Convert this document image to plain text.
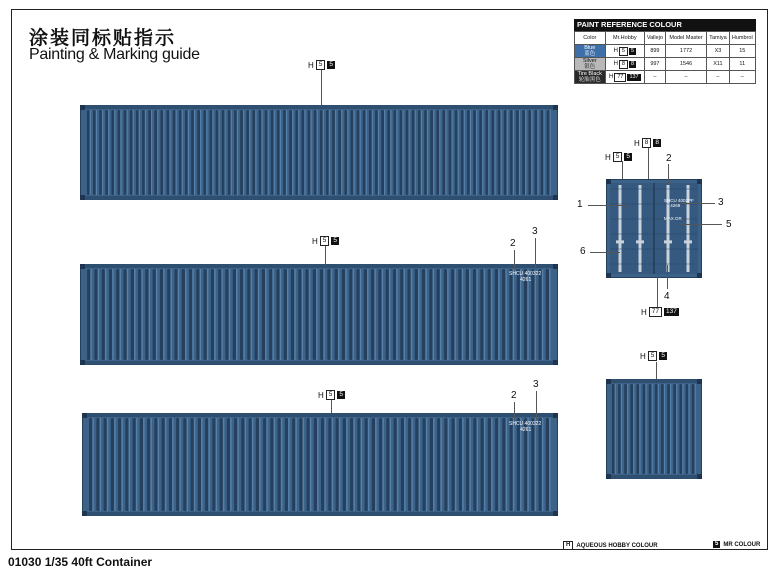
涂装同标贴指示
Painting & Marking guide
PAINT REFERENCE COLOUR
Color	Mr.Hobby	Vallejo	Model Master	Tamiya	Humbrol
Blue
蓝色	H 5 5	899	1772	X3	15
Silver
银色	H 8 8	997	1546	X11	11
Tire Black
轮胎黑色	H 77 137	–	–	–	–
H 5	5
H 5	5
H 5	5
H 8	8
H 5	5
H 77	137
H 5	5
2
3
2
3
2
1	3
5
6
4
SHCU 400322
4261
SHCU 400322
4261
SHCU 4002PF
4269
MAX.GR
H	AQUEOUS HOBBY COLOUR	5 MR COLOUR
01030 1/35 40ft Container
